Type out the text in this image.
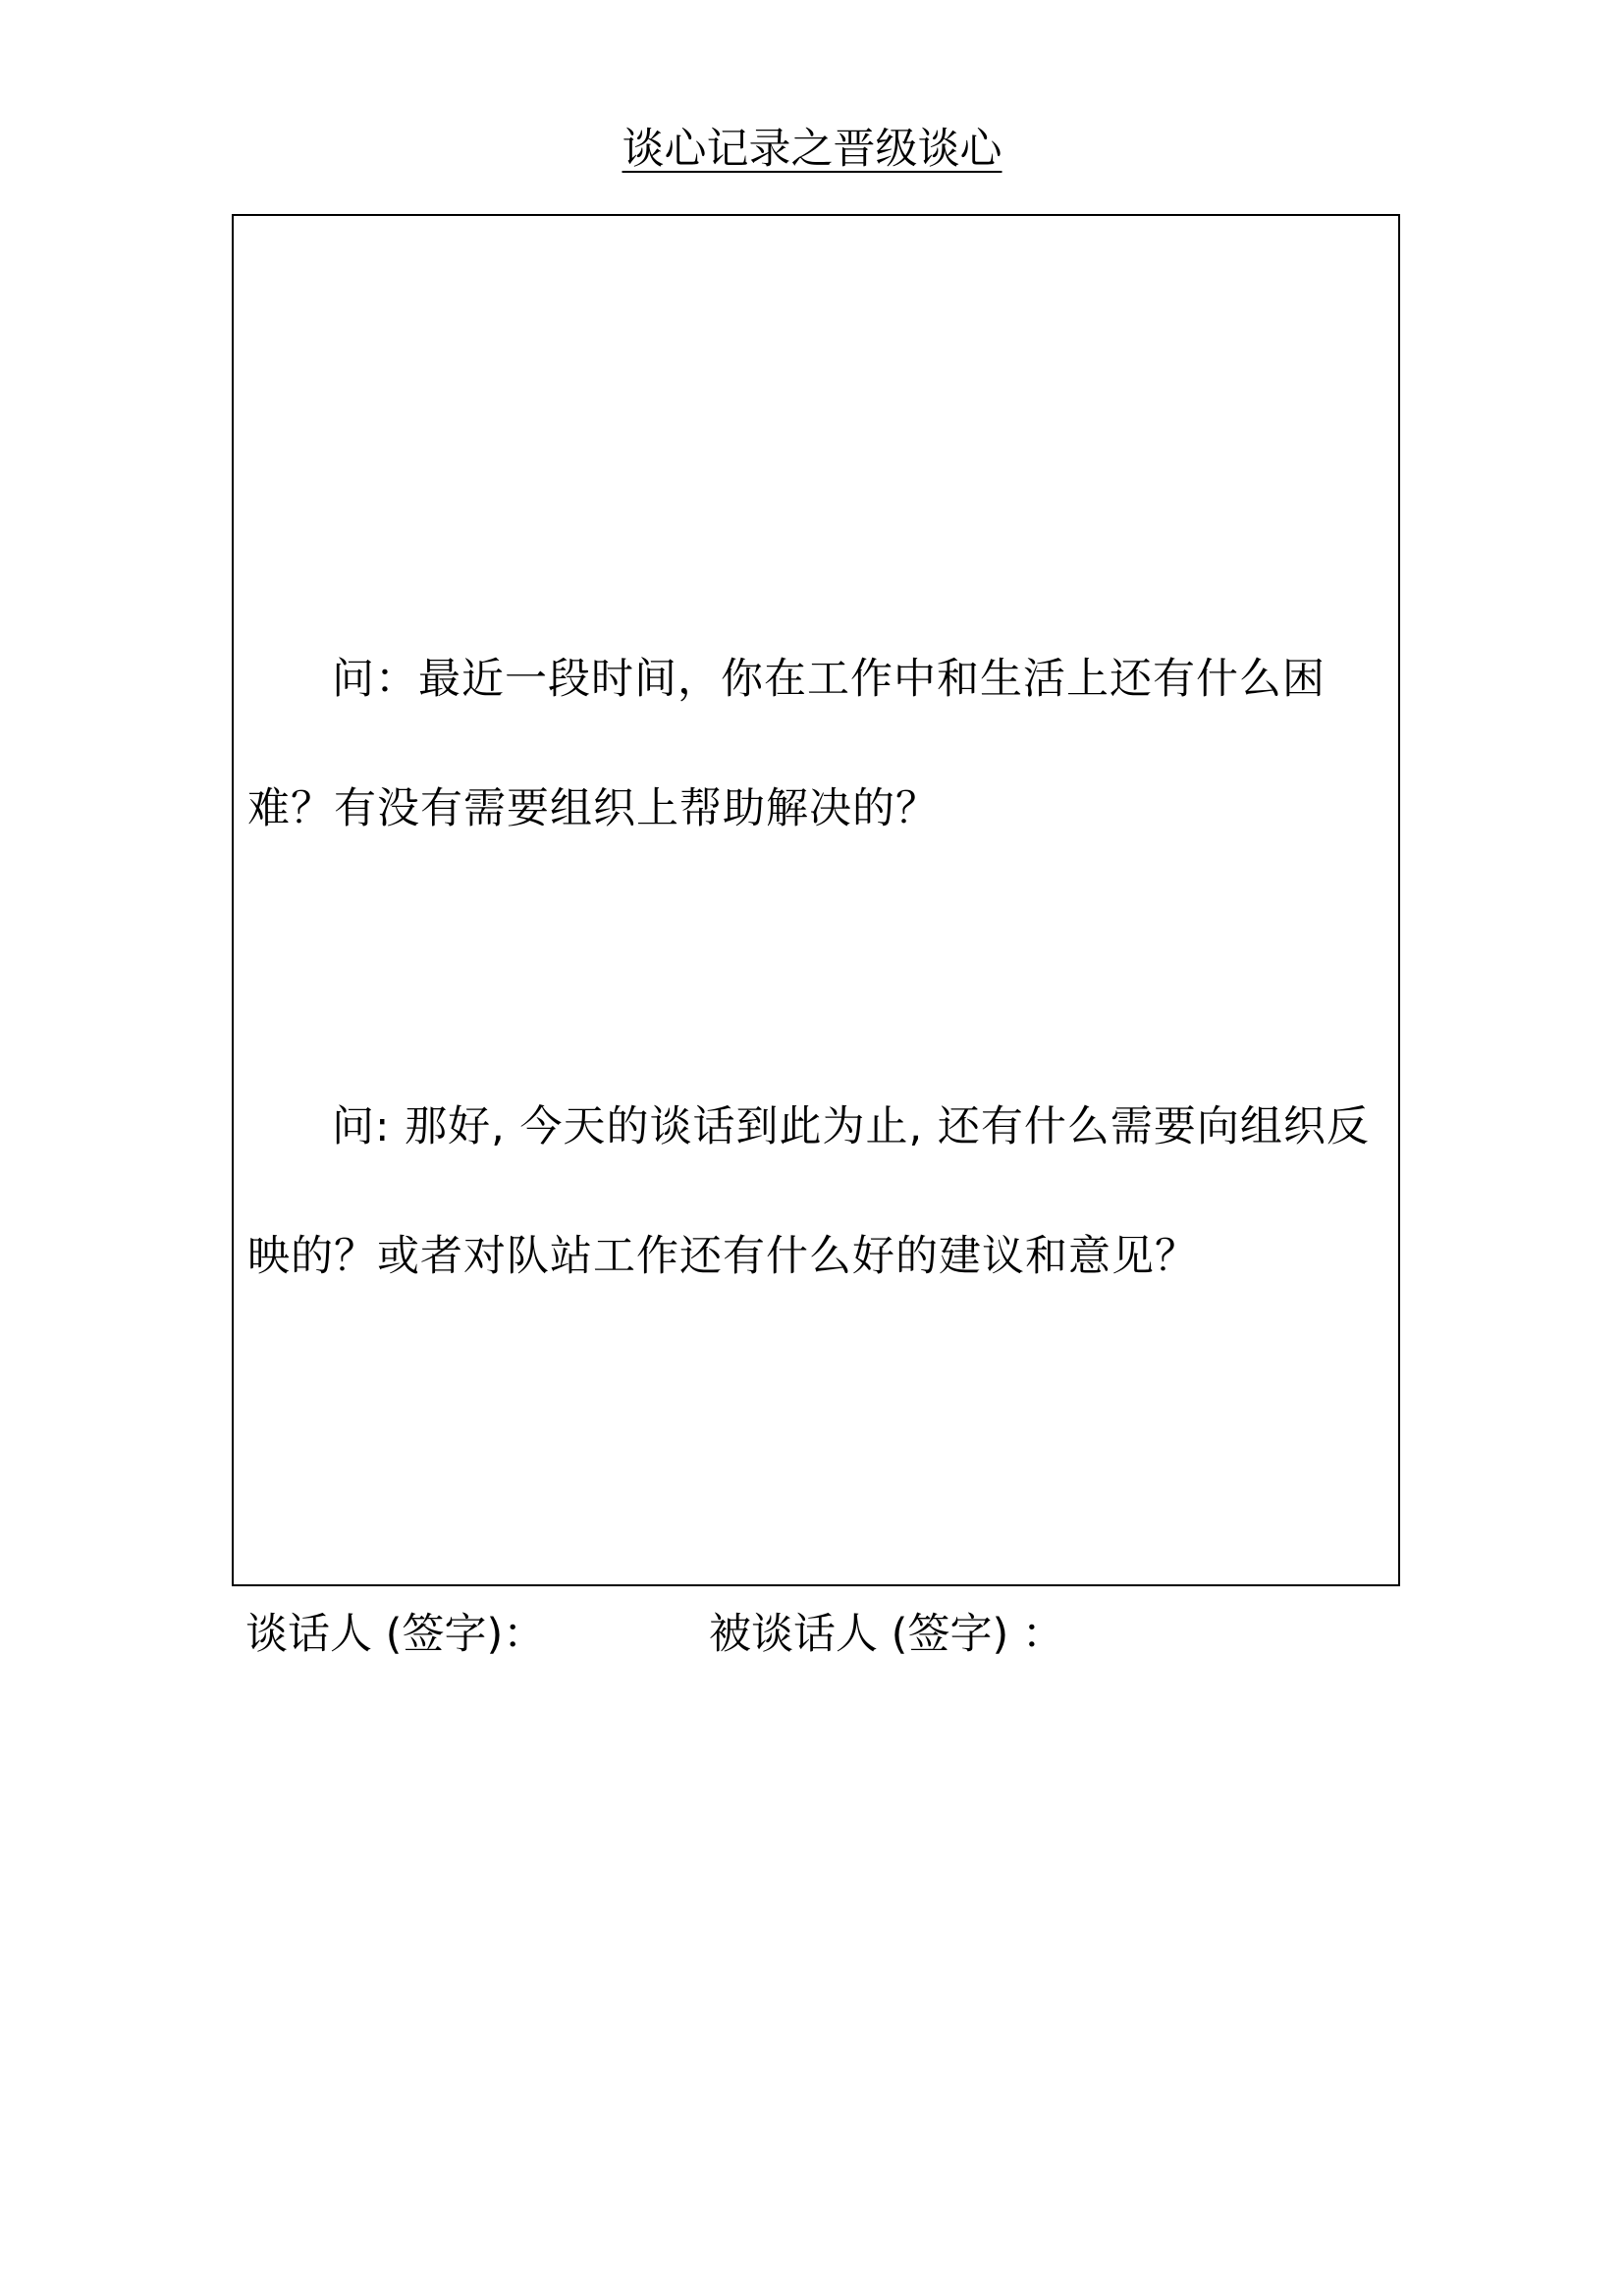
谈心记录之晋级谈心

问：最近一段时间，你在工作中和生活上还有什么困难？有没有需要组织上帮助解决的？

问: 那好, 今天的谈话到此为止, 还有什么需要向组织反映的？或者对队站工作还有什么好的建议和意见？

谈话人 (签字)：	被谈话人 (签字) ：
